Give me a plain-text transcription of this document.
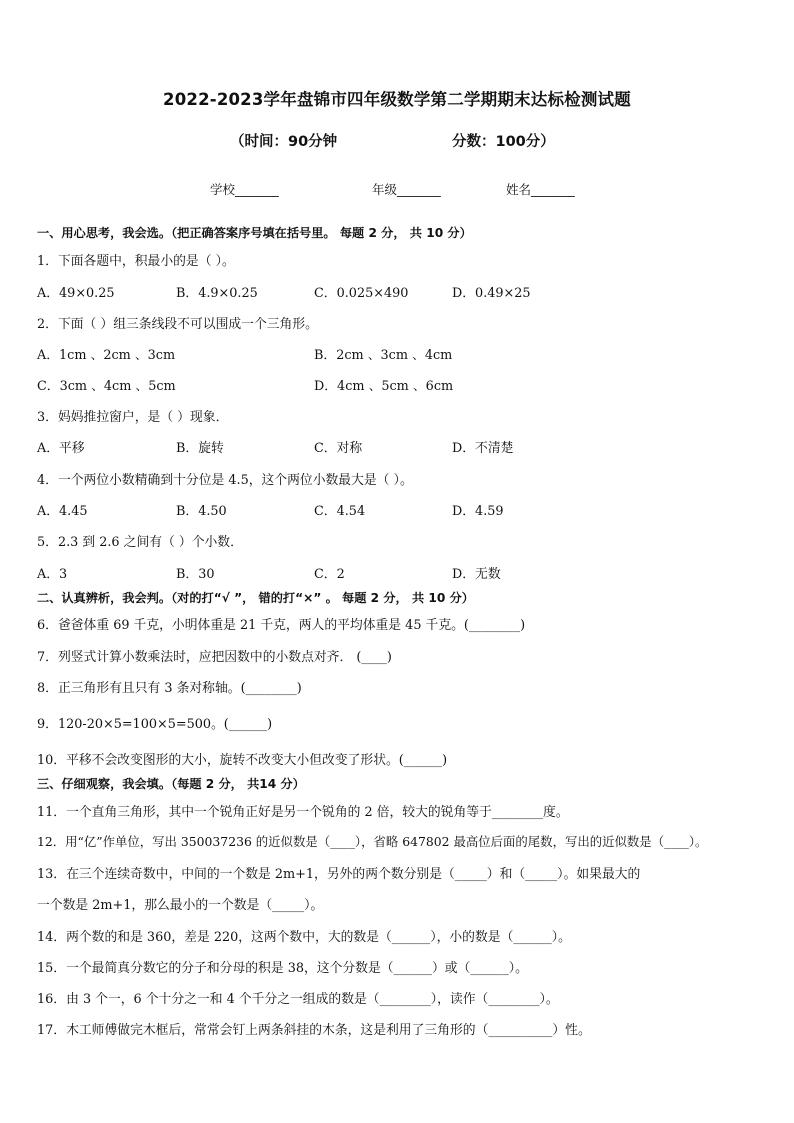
2022-2023学年盘锦市四年级数学第二学期期末达标检测试题
（时间：90分钟	分数：100分）
学校_______	年级_______	姓名_______
一、用心思考，我会选。（把正确答案序号填在括号里。 每题 2 分， 共 10 分）
1．下面各题中，积最小的是（ ）。
A．49×0.25	B．4.9×0.25	C．0.025×490	D．0.49×25
2．下面（ ）组三条线段不可以围成一个三角形。
A．1cm 、2cm 、3cm	B．2cm 、3cm 、4cm
C．3cm 、4cm 、5cm	D．4cm 、5cm 、6cm
3．妈妈推拉窗户，是（ ）现象．
A．平移	B．旋转	C．对称	D．不清楚
4．一个两位小数精确到十分位是 4.5，这个两位小数最大是（ ）。
A．4.45	B．4.50	C．4.54	D．4.59
5．2.3 到 2.6 之间有（ ）个小数．
A．3	B．30	C．2	D．无数
二、认真辨析，我会判。（对的打“√ ”， 错的打“×” 。 每题 2 分， 共 10 分）
6．爸爸体重 69 千克，小明体重是 21 千克，两人的平均体重是 45 千克。(________)
7．列竖式计算小数乘法时，应把因数中的小数点对齐． (____)
8．正三角形有且只有 3 条对称轴。(________)
9．120-20×5=100×5=500。(______)
10．平移不会改变图形的大小，旋转不改变大小但改变了形状。(______)
三、仔细观察，我会填。（每题 2 分， 共14 分）
11．一个直角三角形，其中一个锐角正好是另一个锐角的 2 倍，较大的锐角等于________度。
12．用“亿”作单位，写出 350037236 的近似数是（____），省略 647802 最高位后面的尾数，写出的近似数是（____）。
13．在三个连续奇数中，中间的一个数是 2m+1，另外的两个数分别是（_____）和（_____）。如果最大的
一个数是 2m+1，那么最小的一个数是（_____）。
14．两个数的和是 360，差是 220，这两个数中，大的数是（______），小的数是（______）。
15．一个最简真分数它的分子和分母的积是 38，这个分数是（______）或（______）。
16．由 3 个一，6 个十分之一和 4 个千分之一组成的数是（________），读作（________）。
17．木工师傅做完木框后，常常会钉上两条斜挂的木条，这是利用了三角形的（__________）性。
